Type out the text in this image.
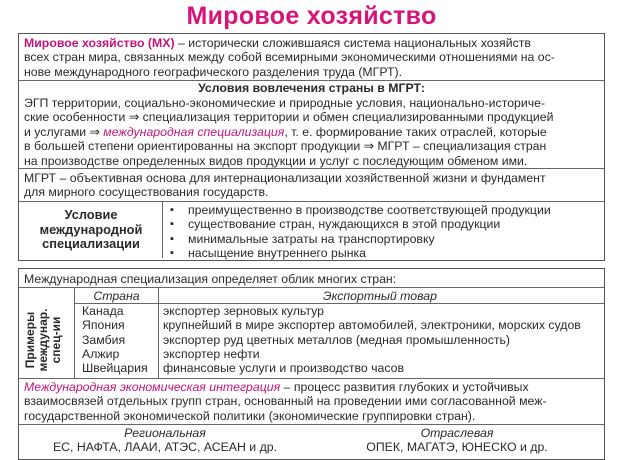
Мировое хозяйство
Мировое хозяйство (МХ) – исторически сложившаяся система национальных хозяйств
всех стран мира, связанных между собой всемирными экономическими отношениями на ос-
нове международного географического разделения труда (МГРТ).
Условия вовлечения страны в МГРТ:
ЭГП территории, социально-экономические и природные условия, национально-историче-
ские особенности ⇒ специализация территории и обмен специализированными продукцией
и услугами ⇒ международная специализация, т. е. формирование таких отраслей, которые
в большей степени ориентированны на экспорт продукции ⇒ МГРТ – специализация стран
на производстве определенных видов продукции и услуг с последующим обменом ими.
МГРТ – объективная основа для интернационализации хозяйственной жизни и фундамент
для мирного сосуществования государств.
Условие
международной
специализации
▪ преимущественно в производстве соответствующей продукции
▪ существование стран, нуждающихся в этой продукции
▪ минимальные затраты на транспортировку
▪ насыщение внутреннего рынка
Международная специализация определяет облик многих стран:
Примеры
междунар.
спец-ии
Страна	Экспортный товар
Канада	экспортер зерновых культур
Япония	крупнейший в мире экспортер автомобилей, электроники, морских судов
Замбия	экспортер руд цветных металлов (медная промышленность)
Алжир	экспортер нефти
Швейцария	финансовые услуги и производство часов
Международная экономическая интеграция – процесс развития глубоких и устойчивых
взаимосвязей отдельных групп стран, основанный на проведении ими согласованной меж-
государственной экономической политики (экономические группировки стран).
Региональная	Отраслевая
ЕС, НАФТА, ЛААИ, АТЭС, АСЕАН и др.	ОПЕК, МАГАТЭ, ЮНЕСКО и др.
